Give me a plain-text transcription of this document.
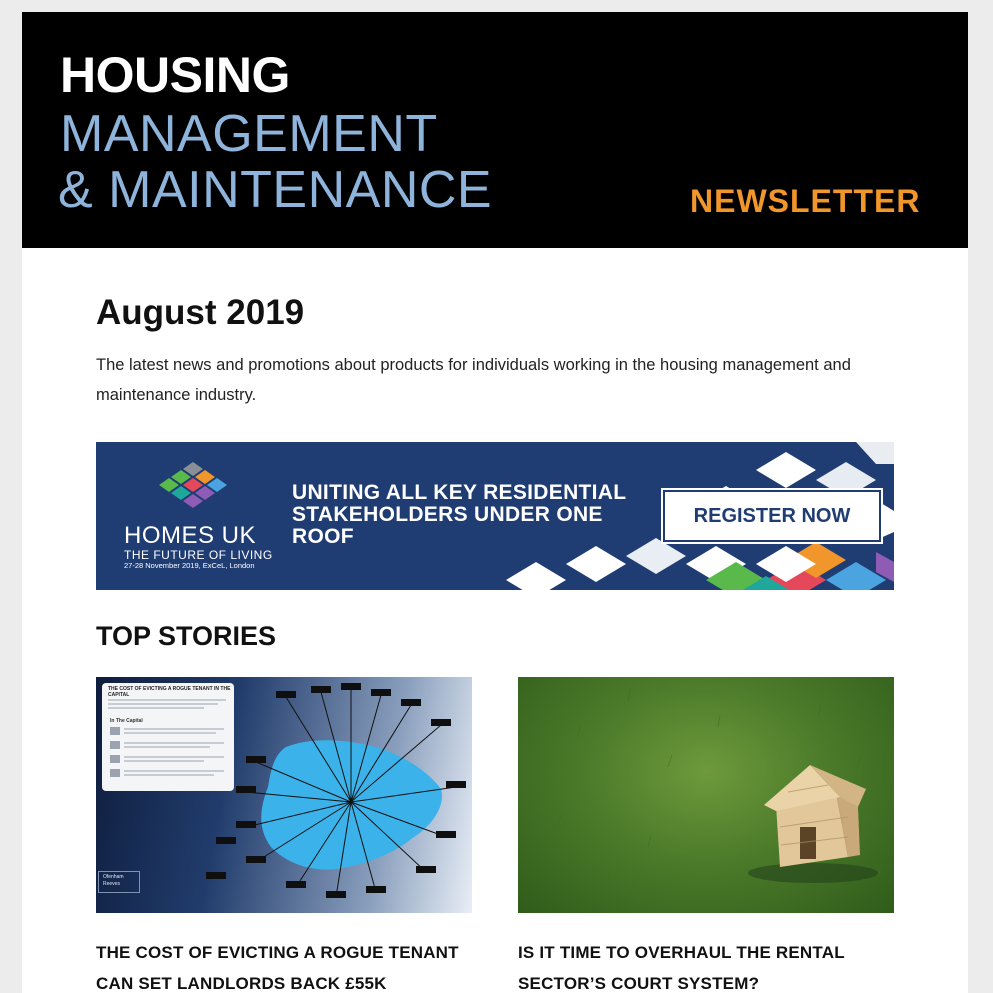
HOUSING
MANAGEMENT
& MAINTENANCE	NEWSLETTER
August 2019

The latest news and promotions about products for individuals working in the housing management and maintenance industry.

HOMES UK
THE FUTURE OF LIVING
27-28 November 2019, ExCeL, London
UNITING ALL KEY RESIDENTIAL STAKEHOLDERS UNDER ONE ROOF
REGISTER NOW
TOP STORIES
THE COST OF EVICTING A ROGUE TENANT IN THE CAPITAL
In The Capital
Ofenham Reeves
THE COST OF EVICTING A ROGUE TENANT CAN SET LANDLORDS BACK £55K
IS IT TIME TO OVERHAUL THE RENTAL SECTOR’S COURT SYSTEM?
